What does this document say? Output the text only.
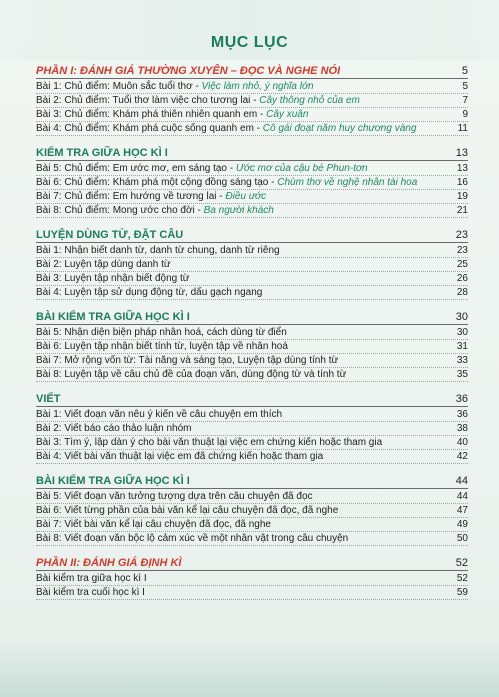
MỤC LỤC
PHẦN I: ĐÁNH GIÁ THƯỜNG XUYÊN – ĐỌC VÀ NGHE NÓI	5
Bài 1: Chủ điểm: Muôn sắc tuổi thơ - Việc làm nhỏ, ý nghĩa lớn	5
Bài 2: Chủ điểm: Tuổi thơ làm việc cho tương lai - Cây thông nhỏ của em	7
Bài 3: Chủ điểm: Khám phá thiên nhiên quanh em - Cây xuân	9
Bài 4: Chủ điểm: Khám phá cuộc sống quanh em - Cô gái đoạt năm huy chương vàng	11
KIỂM TRA GIỮA HỌC KÌ I	13
Bài 5: Chủ điểm: Em ước mơ, em sáng tạo - Ước mơ của cậu bé Phun-tơn	13
Bài 6: Chủ điểm: Khám phá một cộng đồng sáng tạo - Chùm thơ về nghệ nhân tài hoa	16
Bài 7: Chủ điểm: Em hướng về tương lai - Điều ước	19
Bài 8: Chủ điểm: Mong ước cho đời - Ba người khách	21
LUYỆN DÙNG TỪ, ĐẶT CÂU	23
Bài 1: Nhận biết danh từ, danh từ chung, danh từ riêng	23
Bài 2: Luyện tập dùng danh từ	25
Bài 3: Luyện tập nhận biết động từ	26
Bài 4: Luyện tập sử dụng động từ, dấu gạch ngang	28
BÀI KIỂM TRA GIỮA HỌC KÌ I	30
Bài 5: Nhận diện biện pháp nhân hoá, cách dùng từ điển	30
Bài 6: Luyện tập nhận biết tính từ, luyện tập về nhân hoá	31
Bài 7: Mở rộng vốn từ: Tài năng và sáng tạo, Luyện tập dùng tính từ	33
Bài 8: Luyện tập về câu chủ đề của đoạn văn, dùng động từ và tính từ	35
VIẾT	36
Bài 1: Viết đoạn văn nêu ý kiến về câu chuyện em thích	36
Bài 2: Viết báo cáo thảo luận nhóm	38
Bài 3: Tìm ý, lập dàn ý cho bài văn thuật lại việc em chứng kiến hoặc tham gia	40
Bài 4: Viết bài văn thuật lại việc em đã chứng kiến hoặc tham gia	42
BÀI KIỂM TRA GIỮA HỌC KÌ I	44
Bài 5: Viết đoạn văn tưởng tượng dựa trên câu chuyện đã đọc	44
Bài 6: Viết từng phần của bài văn kể lại câu chuyện đã đọc, đã nghe	47
Bài 7: Viết bài văn kể lại câu chuyện đã đọc, đã nghe	49
Bài 8: Viết đoạn văn bộc lộ cảm xúc về một nhân vật trong câu chuyện	50
PHẦN II: ĐÁNH GIÁ ĐỊNH KÌ	52
Bài kiểm tra giữa học kì I	52
Bài kiểm tra cuối học kì I	59
